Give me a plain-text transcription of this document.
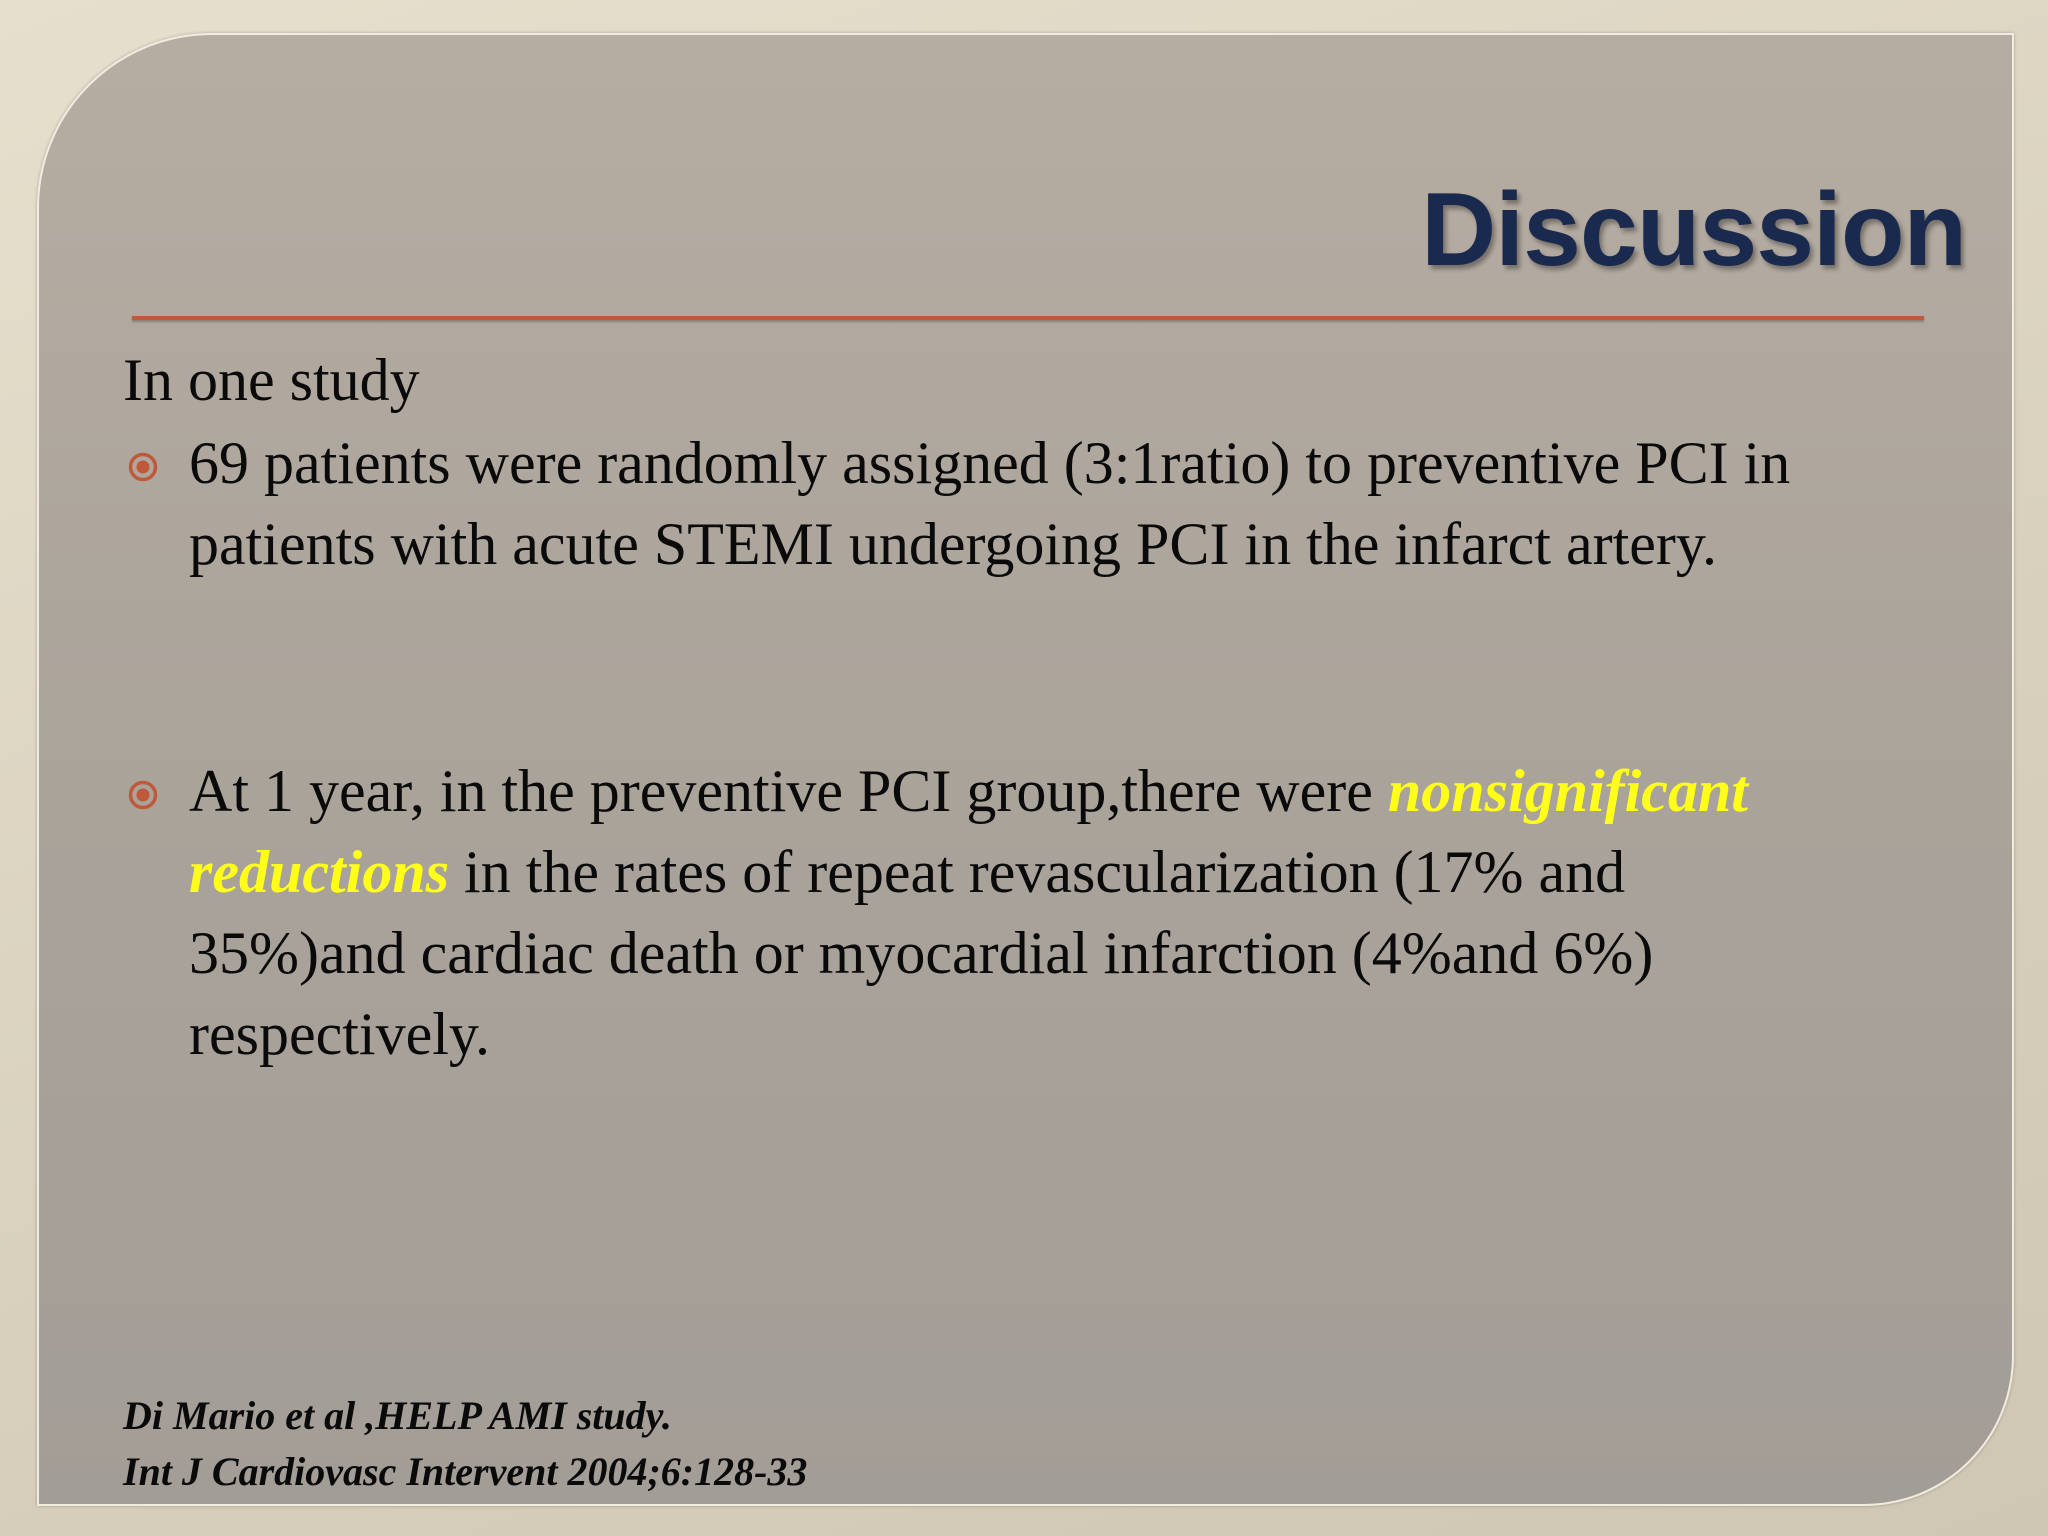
Discussion
In one study
69 patients were randomly assigned (3:1ratio) to preventive PCI in patients with acute STEMI undergoing PCI in the infarct artery.
At 1 year, in the preventive PCI group,there were nonsignificant reductions in the rates of repeat revascularization (17% and 35%)and cardiac death or myocardial infarction (4%and 6%) respectively.
Di Mario et al ,HELP AMI study.
Int J Cardiovasc Intervent 2004;6:128-33
